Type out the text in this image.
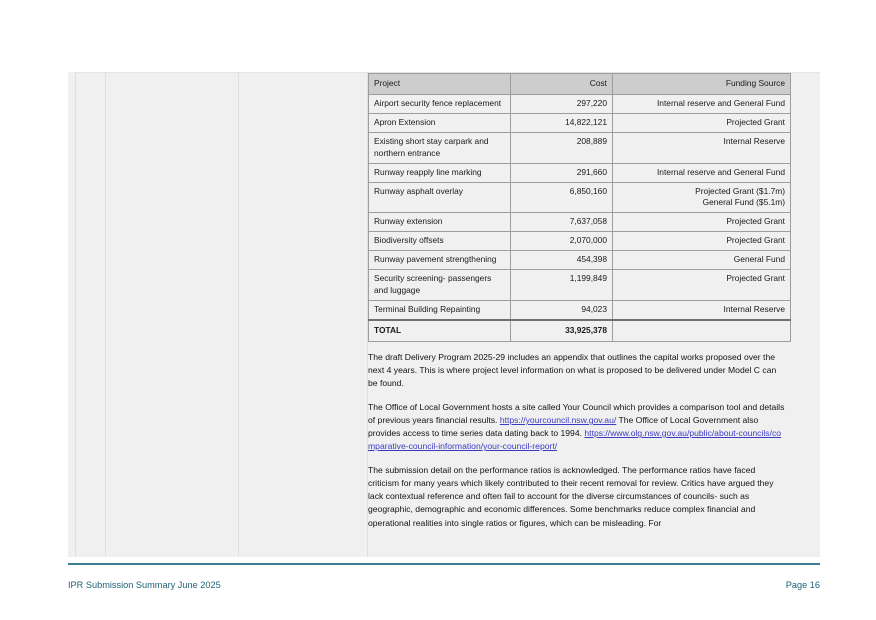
Project	Cost	Funding Source
Airport security fence replacement	297,220	Internal reserve and General Fund

Apron Extension	14,822,121	Projected Grant

Existing short stay carpark and northern entrance	208,889	Internal Reserve

Runway reapply line marking	291,660	Internal reserve and General Fund

Runway asphalt overlay	6,850,160	Projected Grant ($1.7m)
General Fund ($5.1m)

Runway extension	7,637,058	Projected Grant

Biodiversity offsets	2,070,000	Projected Grant

Runway pavement strengthening	454,398	General Fund

Security screening- passengers and luggage	1,199,849	Projected Grant

Terminal Building Repainting	94,023	Internal Reserve

TOTAL	33,925,378	

The draft Delivery Program 2025-29 includes an appendix that outlines the capital works proposed over the next 4 years. This is where project level information on what is proposed to be delivered under Model C can be found.

The Office of Local Government hosts a site called Your Council which provides a comparison tool and details of previous years financial results. https://yourcouncil.nsw.gov.au/ The Office of Local Government also provides access to time series data dating back to 1994. https://www.olg.nsw.gov.au/public/about-councils/comparative-council-information/your-council-report/

The submission detail on the performance ratios is acknowledged. The performance ratios have faced criticism for many years which likely contributed to their recent removal for review. Critics have argued they lack contextual reference and often fail to account for the diverse circumstances of councils- such as geographic, demographic and economic differences. Some benchmarks reduce complex financial and operational realities into single ratios or figures, which can be misleading. For

IPR Submission Summary June 2025	Page 16
